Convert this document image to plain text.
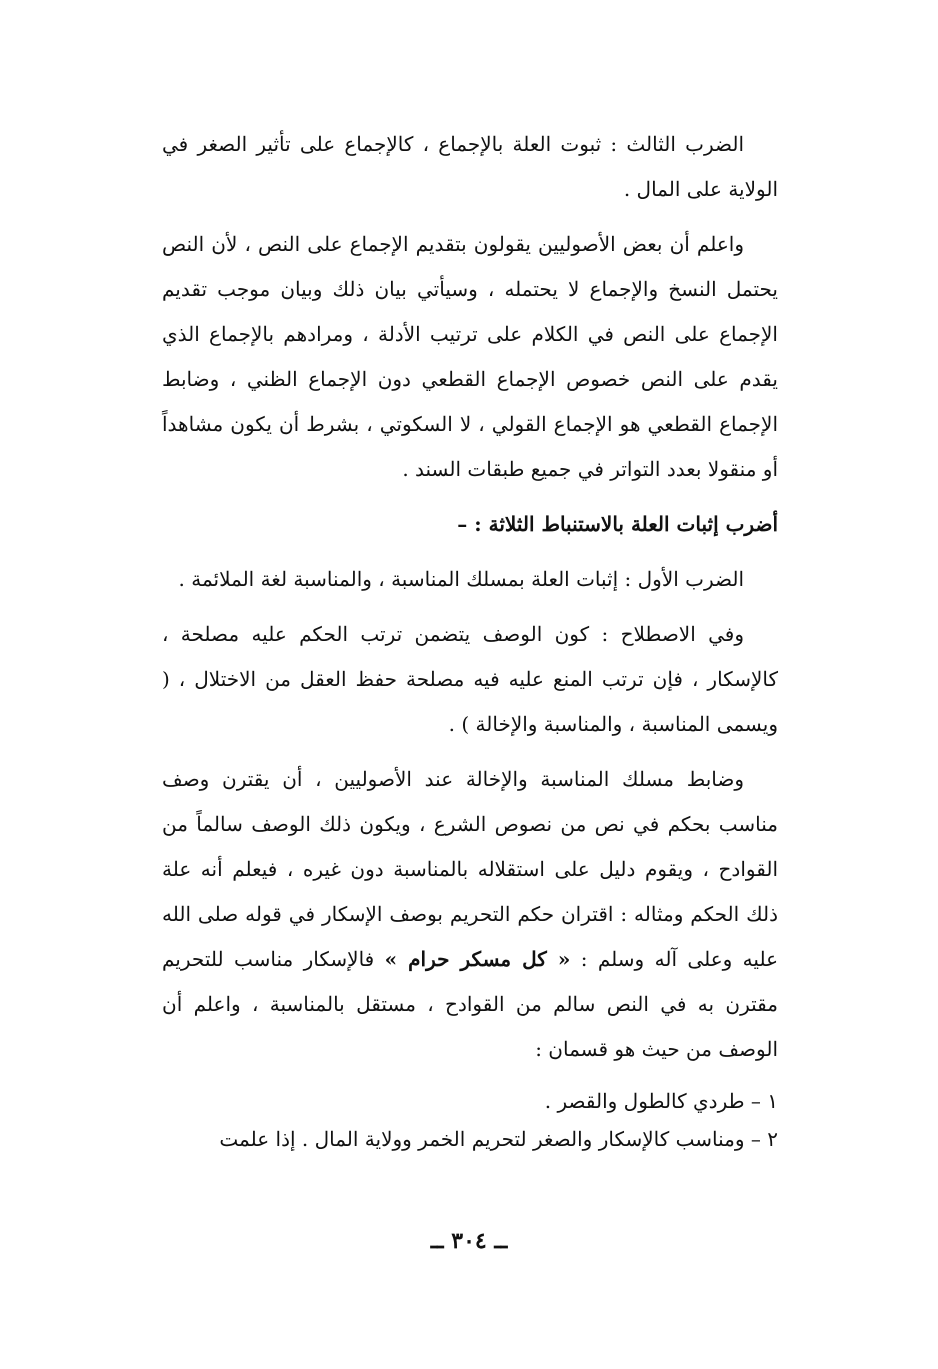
الضرب الثالث : ثبوت العلة بالإجماع ، كالإجماع على تأثير الصغر في الولاية على المال .

واعلم أن بعض الأصوليين يقولون بتقديم الإجماع على النص ، لأن النص يحتمل النسخ والإجماع لا يحتمله ، وسيأتي بيان ذلك وبيان موجب تقديم الإجماع على النص في الكلام على ترتيب الأدلة ، ومرادهم بالإجماع الذي يقدم على النص خصوص الإجماع القطعي دون الإجماع الظني ، وضابط الإجماع القطعي هو الإجماع القولي ، لا السكوتي ، بشرط أن يكون مشاهداً أو منقولا بعدد التواتر في جميع طبقات السند .

أضرب إثبات العلة بالاستنباط الثلاثة : –

الضرب الأول : إثبات العلة بمسلك المناسبة ، والمناسبة لغة الملائمة .

وفي الاصطلاح : كون الوصف يتضمن ترتب الحكم عليه مصلحة ، كالإسكار ، فإن ترتب المنع عليه فيه مصلحة حفظ العقل من الاختلال ، ( ويسمى المناسبة ، والمناسبة والإخالة ) .

وضابط مسلك المناسبة والإخالة عند الأصوليين ، أن يقترن وصف مناسب بحكم في نص من نصوص الشرع ، ويكون ذلك الوصف سالماً من القوادح ، ويقوم دليل على استقلاله بالمناسبة دون غيره ، فيعلم أنه علة ذلك الحكم ومثاله : اقتران حكم التحريم بوصف الإسكار في قوله صلى الله عليه وعلى آله وسلم : « كل مسكر حرام » فالإسكار مناسب للتحريم مقترن به في النص سالم من القوادح ، مستقل بالمناسبة ، واعلم أن الوصف من حيث هو قسمان :

١ – طردي كالطول والقصر .
٢ – ومناسب كالإسكار والصغر لتحريم الخمر وولاية المال . إذا علمت
ــ ٣٠٤ ــ
